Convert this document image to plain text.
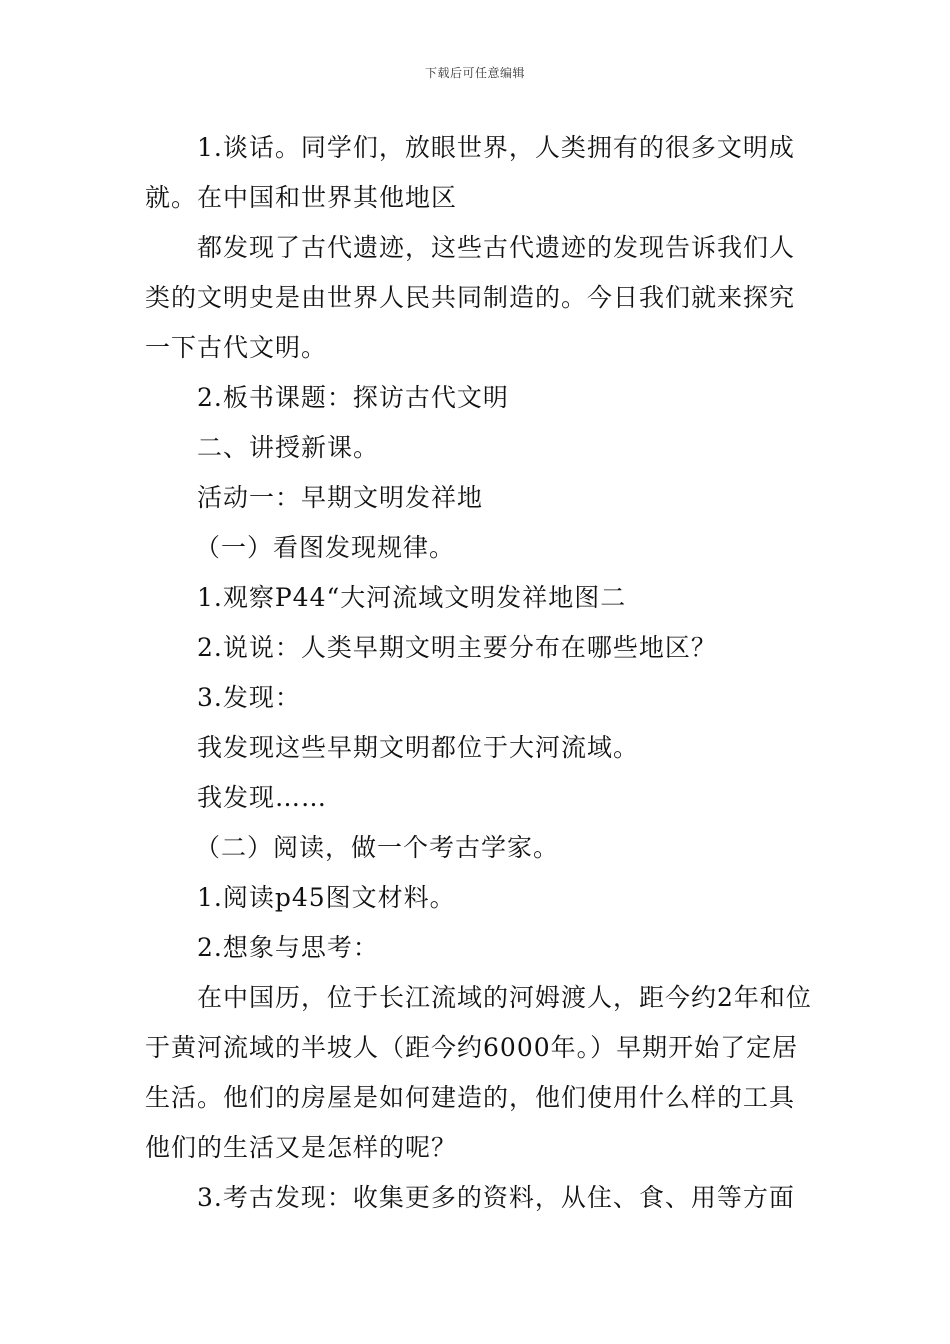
下载后可任意编辑
1.谈话。同学们，放眼世界，人类拥有的很多文明成
就。在中国和世界其他地区
都发现了古代遗迹，这些古代遗迹的发现告诉我们人
类的文明史是由世界人民共同制造的。今日我们就来探究
一下古代文明。
2.板书课题：探访古代文明
二、讲授新课。
活动一：早期文明发祥地
（一）看图发现规律。
1.观察P44“大河流域文明发祥地图二
2.说说：人类早期文明主要分布在哪些地区？
3.发现：
我发现这些早期文明都位于大河流域。
我发现……
（二）阅读，做一个考古学家。
1.阅读p45图文材料。
2.想象与思考：
在中国历，位于长江流域的河姆渡人，距今约2年和位
于黄河流域的半坡人（距今约6000年。）早期开始了定居
生活。他们的房屋是如何建造的，他们使用什么样的工具
他们的生活又是怎样的呢？
3.考古发现：收集更多的资料，从住、食、用等方面
